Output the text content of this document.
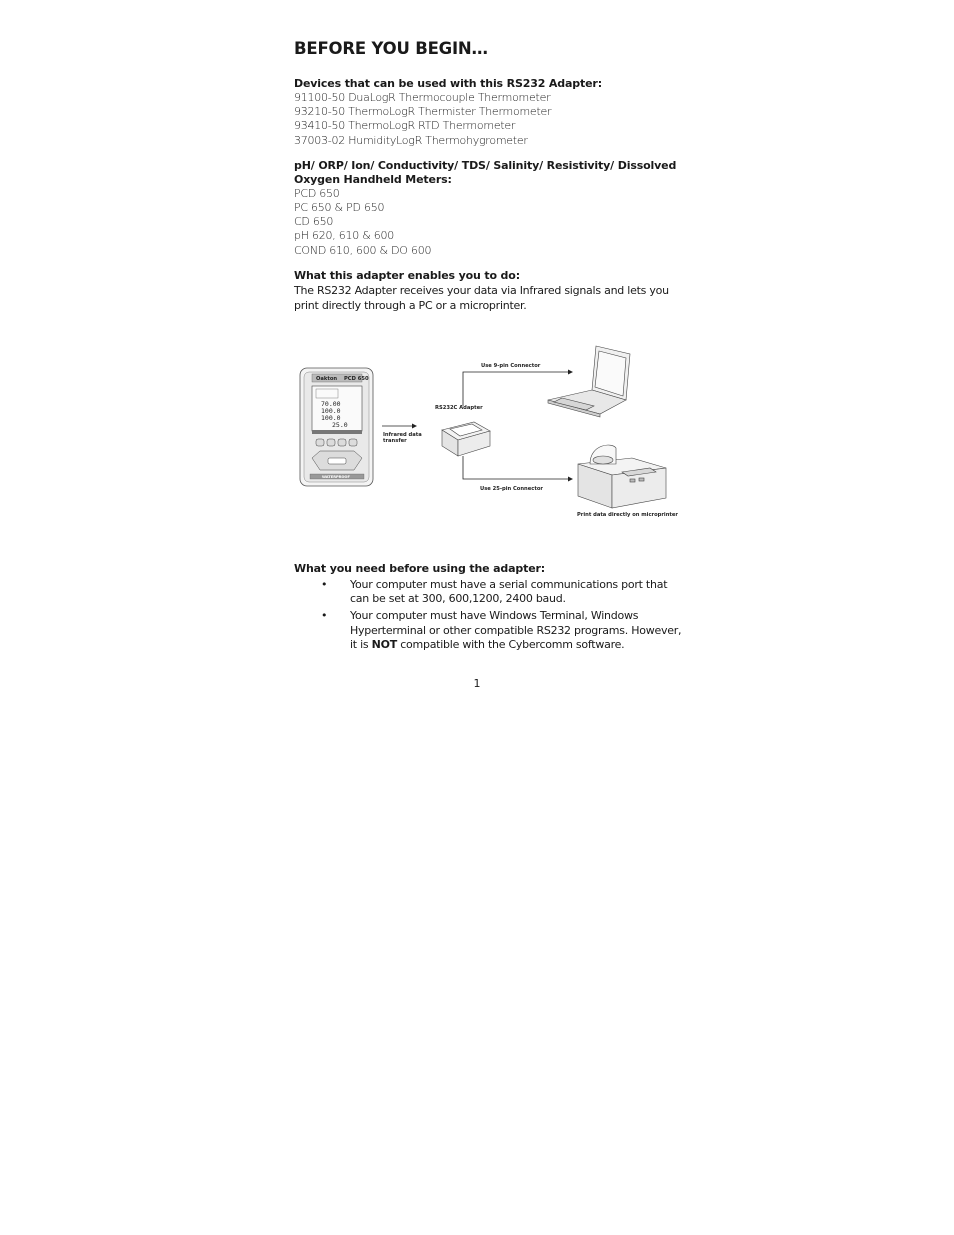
BEFORE YOU BEGIN…
Devices that can be used with this RS232 Adapter:
91100-50 DuaLogR Thermocouple Thermometer
93210-50 ThermoLogR Thermister Thermometer
93410-50 ThermoLogR RTD Thermometer
37003-02 HumidityLogR Thermohygrometer
pH/ ORP/ Ion/ Conductivity/ TDS/ Salinity/ Resistivity/ Dissolved
Oxygen Handheld Meters:
PCD 650
PC 650 & PD 650
CD 650
pH 620, 610 & 600
COND 610, 600 & DO 600
What this adapter enables you to do:
The RS232 Adapter receives your data via Infrared signals and lets you print directly through a PC or a microprinter.
Oakton PCD 650
70.00
100.0
100.0
25.0
WATERPROOF
Infrared data
transfer
RS232C Adapter
Use 9-pin Connector
Use 25-pin Connector
Print data directly on microprinter
What you need before using the adapter:
• Your computer must have a serial communications port that can be set at 300, 600,1200, 2400 baud.
• Your computer must have Windows Terminal, Windows Hyperterminal or other compatible RS232 programs. However, it is NOT compatible with the Cybercomm software.
1
